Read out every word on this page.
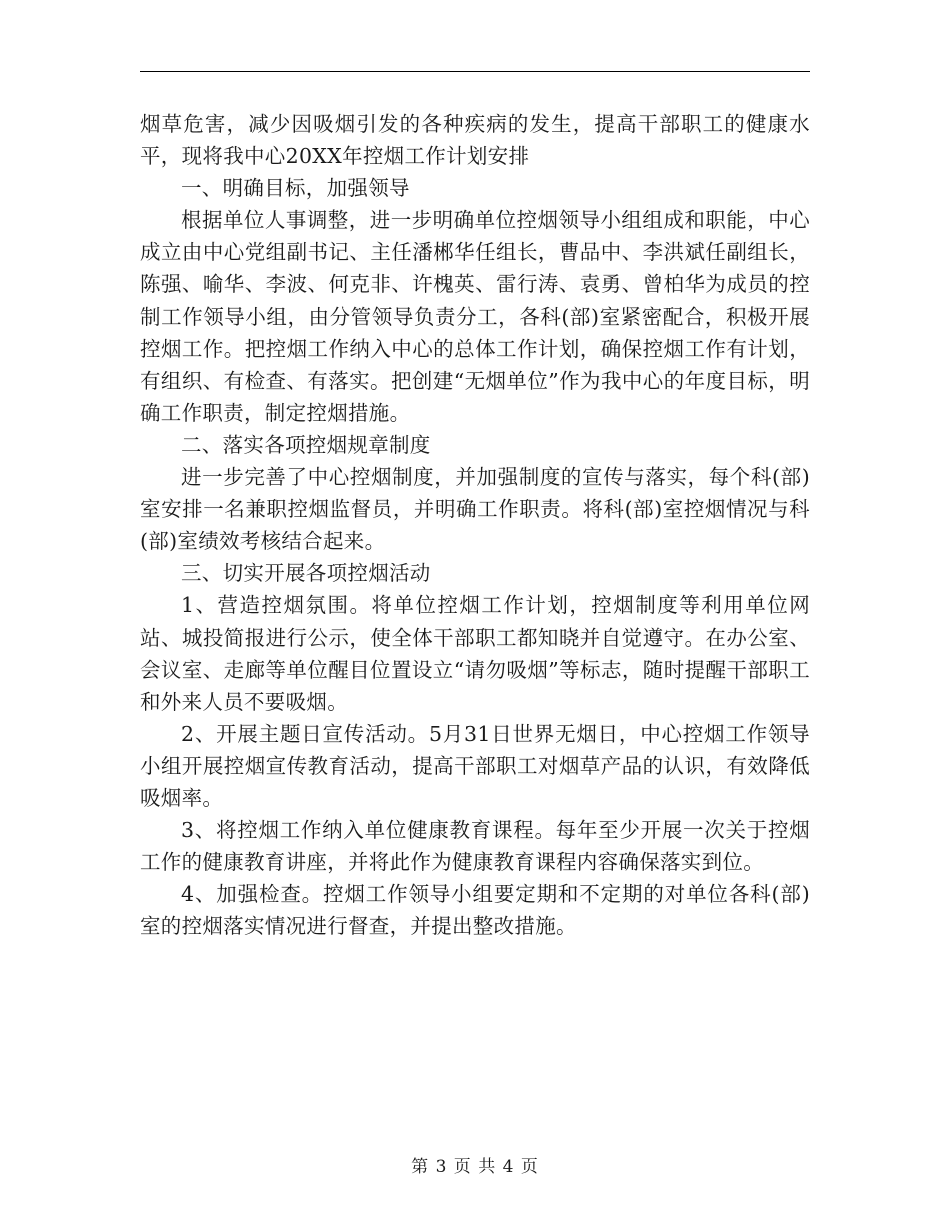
烟草危害，减少因吸烟引发的各种疾病的发生，提高干部职工的健康水平，现将我中心20XX年控烟工作计划安排

一、明确目标，加强领导

根据单位人事调整，进一步明确单位控烟领导小组组成和职能，中心成立由中心党组副书记、主任潘郴华任组长，曹品中、李洪斌任副组长，陈强、喻华、李波、何克非、许槐英、雷行涛、袁勇、曾柏华为成员的控制工作领导小组，由分管领导负责分工，各科(部)室紧密配合，积极开展控烟工作。把控烟工作纳入中心的总体工作计划，确保控烟工作有计划，有组织、有检查、有落实。把创建“无烟单位”作为我中心的年度目标，明确工作职责，制定控烟措施。

二、落实各项控烟规章制度

进一步完善了中心控烟制度，并加强制度的宣传与落实，每个科(部)室安排一名兼职控烟监督员，并明确工作职责。将科(部)室控烟情况与科(部)室绩效考核结合起来。

三、切实开展各项控烟活动

1、营造控烟氛围。将单位控烟工作计划，控烟制度等利用单位网站、城投简报进行公示，使全体干部职工都知晓并自觉遵守。在办公室、会议室、走廊等单位醒目位置设立“请勿吸烟”等标志，随时提醒干部职工和外来人员不要吸烟。

2、开展主题日宣传活动。5月31日世界无烟日，中心控烟工作领导小组开展控烟宣传教育活动，提高干部职工对烟草产品的认识，有效降低吸烟率。

3、将控烟工作纳入单位健康教育课程。每年至少开展一次关于控烟工作的健康教育讲座，并将此作为健康教育课程内容确保落实到位。

4、加强检查。控烟工作领导小组要定期和不定期的对单位各科(部)室的控烟落实情况进行督查，并提出整改措施。

第 3 页 共 4 页
